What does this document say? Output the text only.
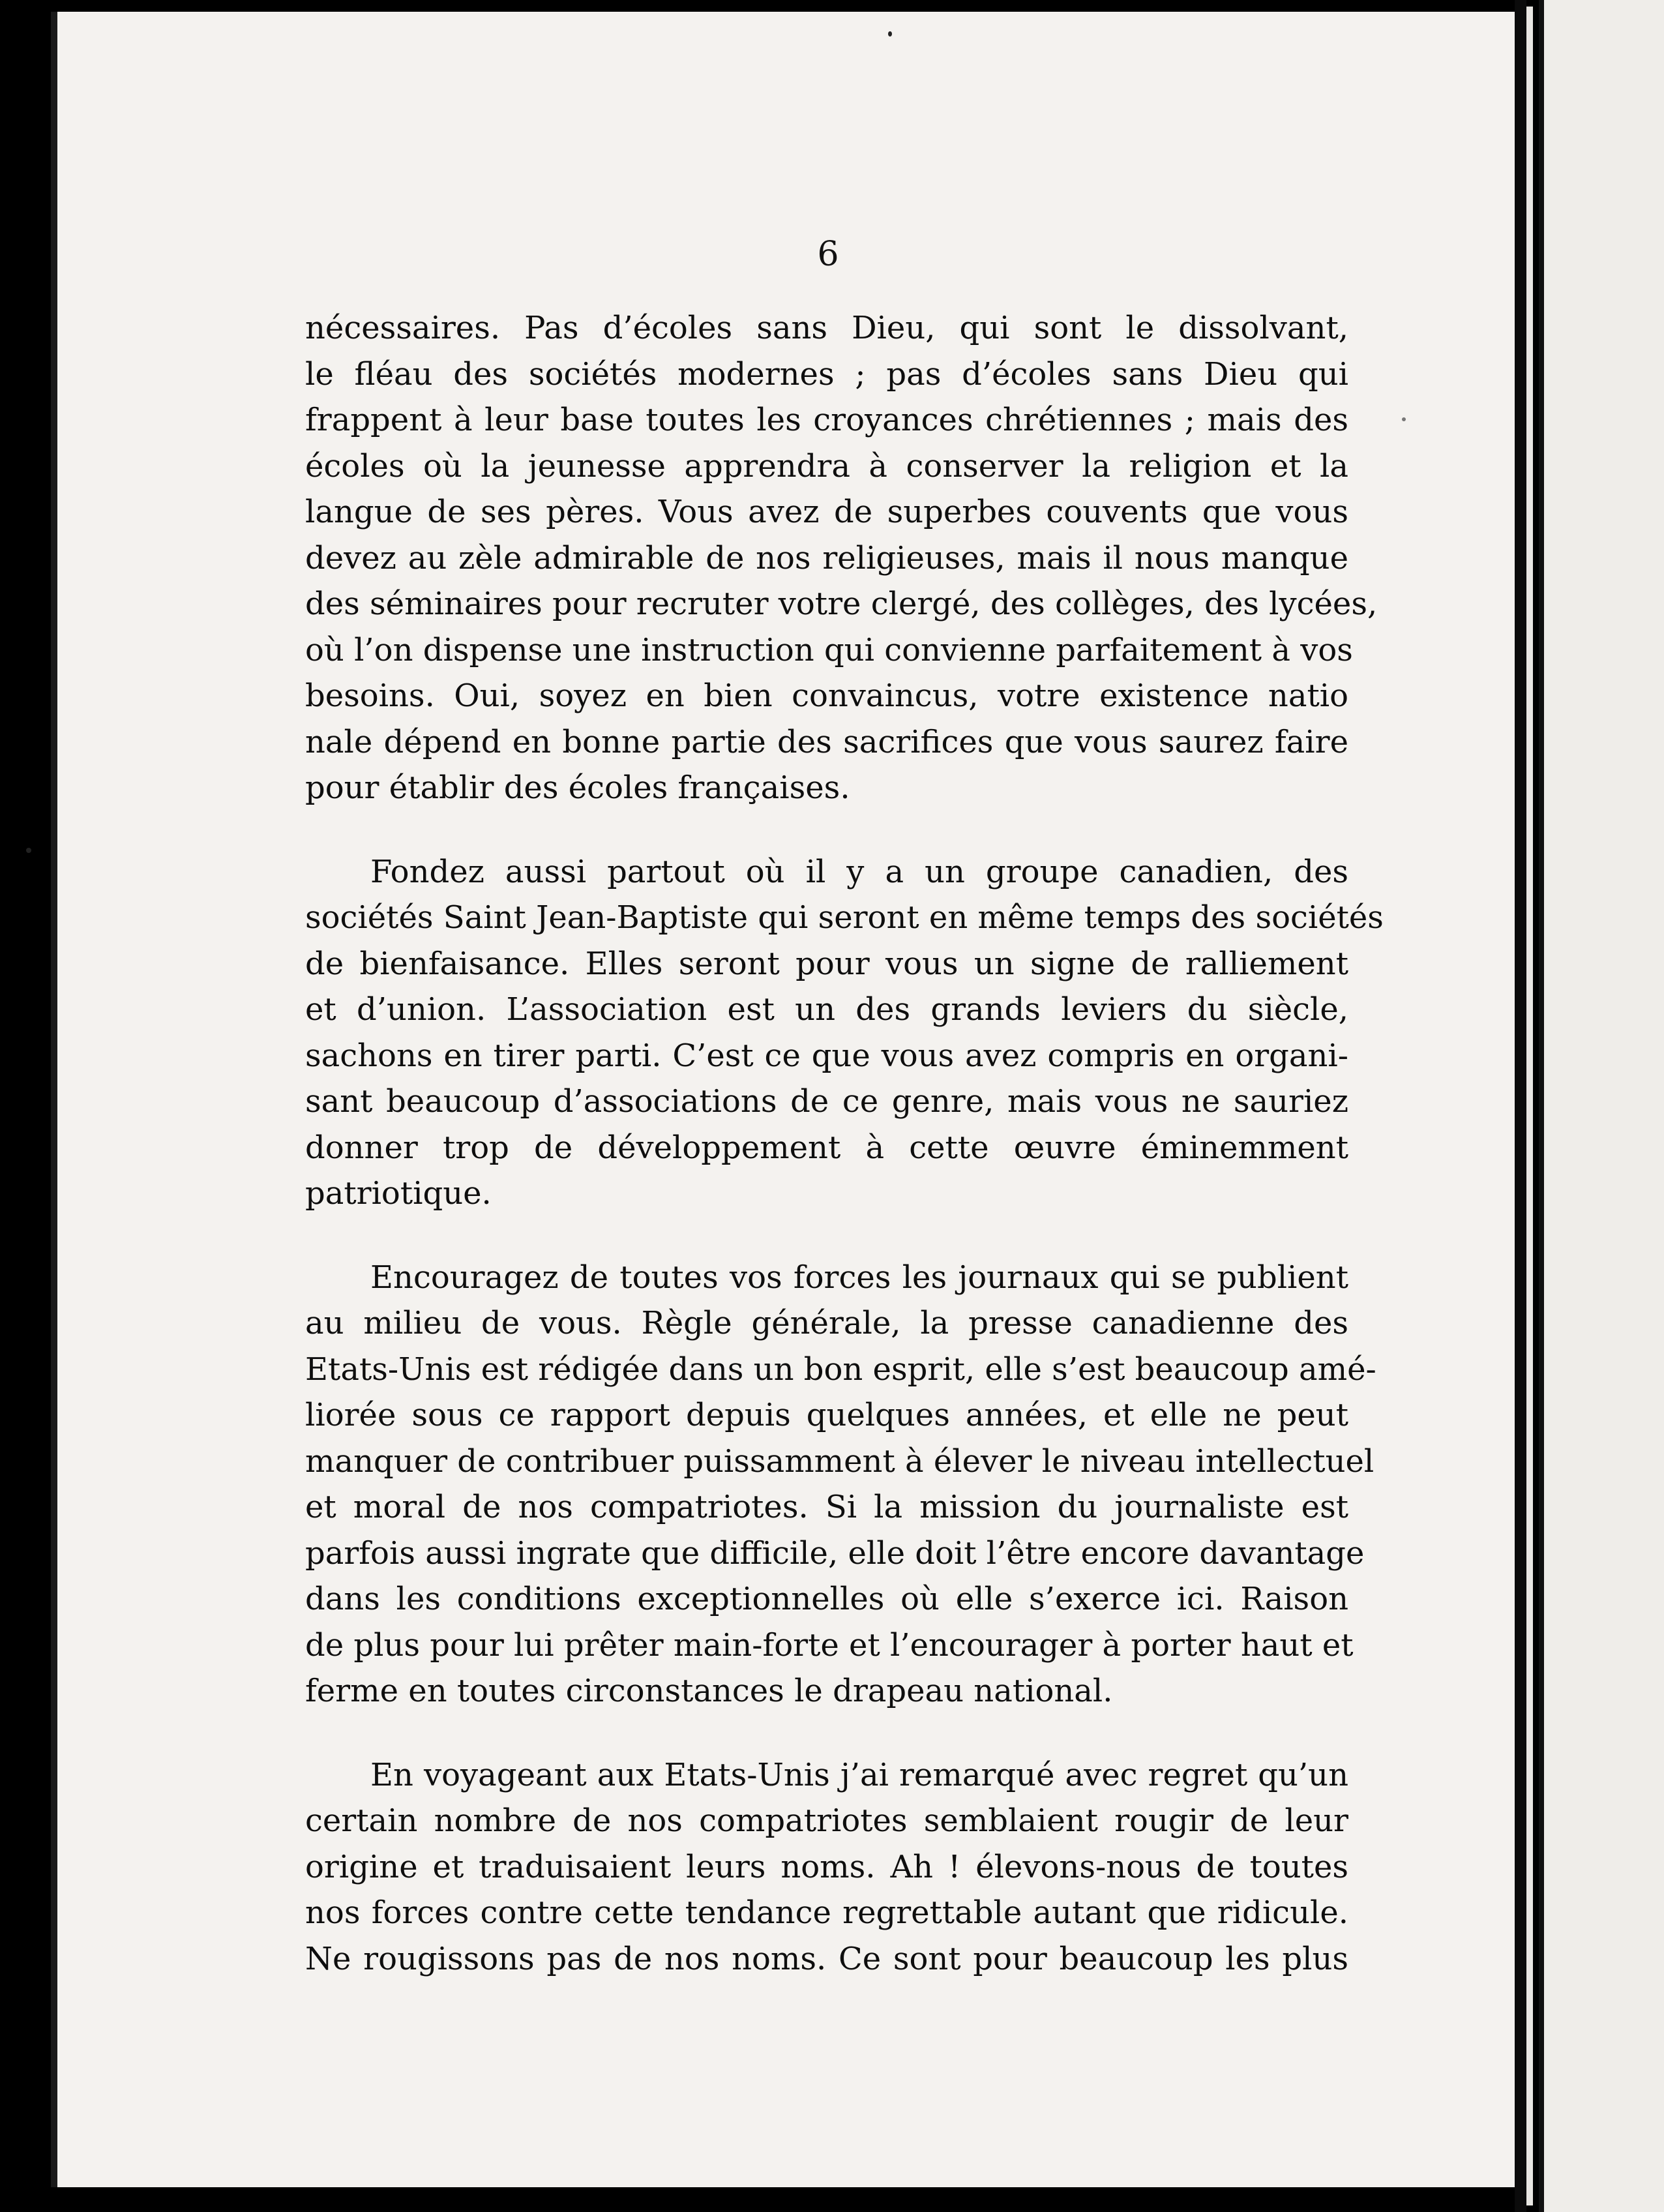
6
nécessaires. Pas d’écoles sans Dieu, qui sont le dissolvant,
le fléau des sociétés modernes ; pas d’écoles sans Dieu qui
frappent à leur base toutes les croyances chrétiennes ; mais des
écoles où la jeunesse apprendra à conserver la religion et la
langue de ses pères. Vous avez de superbes couvents que vous
devez au zèle admirable de nos religieuses, mais il nous manque
des séminaires pour recruter votre clergé, des collèges, des lycées,
où l’on dispense une instruction qui convienne parfaitement à vos
besoins. Oui, soyez en bien convaincus, votre existence natio
nale dépend en bonne partie des sacrifices que vous saurez faire
pour établir des écoles françaises.
Fondez aussi partout où il y a un groupe canadien, des
sociétés Saint Jean-Baptiste qui seront en même temps des sociétés
de bienfaisance. Elles seront pour vous un signe de ralliement
et d’union. L’association est un des grands leviers du siècle,
sachons en tirer parti. C’est ce que vous avez compris en organi-
sant beaucoup d’associations de ce genre, mais vous ne sauriez
donner trop de développement à cette œuvre éminemment
patriotique.
Encouragez de toutes vos forces les journaux qui se publient
au milieu de vous. Règle générale, la presse canadienne des
Etats-Unis est rédigée dans un bon esprit, elle s’est beaucoup amé-
liorée sous ce rapport depuis quelques années, et elle ne peut
manquer de contribuer puissamment à élever le niveau intellectuel
et moral de nos compatriotes. Si la mission du journaliste est
parfois aussi ingrate que difficile, elle doit l’être encore davantage
dans les conditions exceptionnelles où elle s’exerce ici. Raison
de plus pour lui prêter main-forte et l’encourager à porter haut et
ferme en toutes circonstances le drapeau national.
En voyageant aux Etats-Unis j’ai remarqué avec regret qu’un
certain nombre de nos compatriotes semblaient rougir de leur
origine et traduisaient leurs noms. Ah ! élevons-nous de toutes
nos forces contre cette tendance regrettable autant que ridicule.
Ne rougissons pas de nos noms. Ce sont pour beaucoup les plus
